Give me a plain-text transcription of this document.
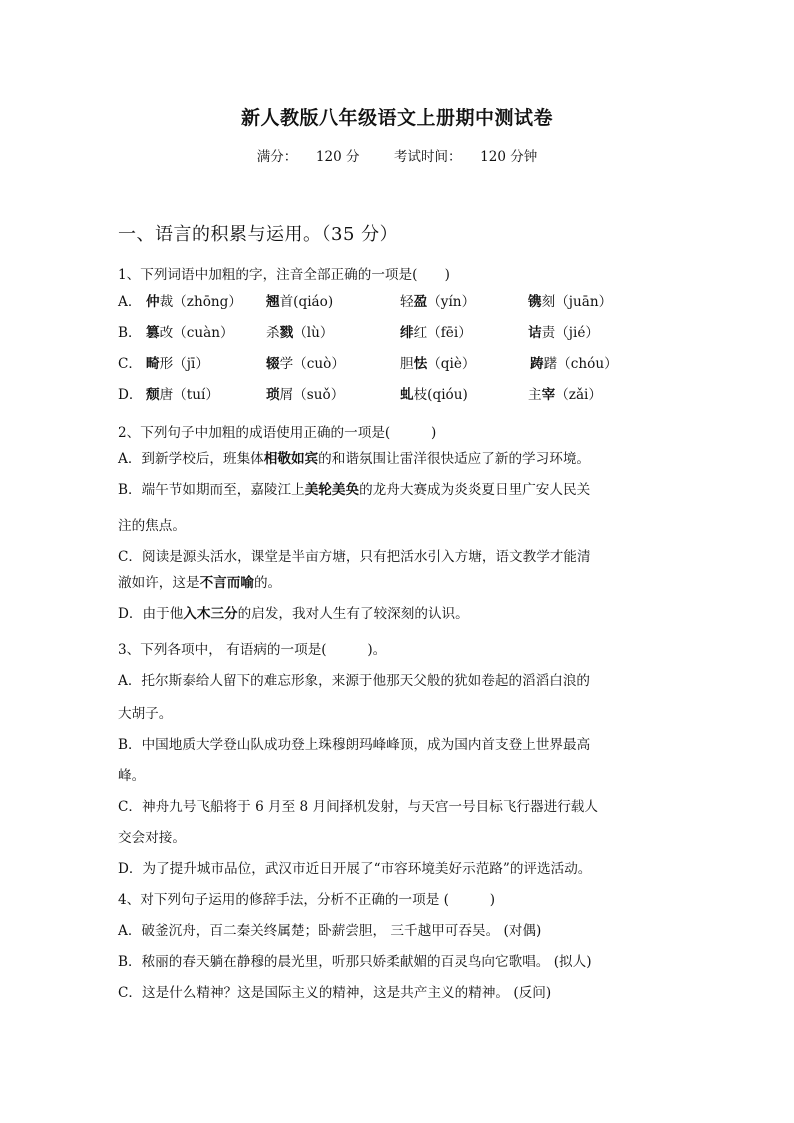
新人教版八年级语文上册期中测试卷
满分： 120 分	考试时间： 120 分钟
一、语言的积累与运用。（35 分）
1、下列词语中加粗的字，注音全部正确的一项是(　　)
A． 仲裁（zhōng） 翘首(qiáo)	轻盈（yín）	镌刻（juān）
B． 篡改（cuàn） 杀戮（lù）	绯红（fēi）	诘责（jié）
C． 畸形（jī）	辍学（cuò）	胆怯（qiè）	踌躇（chóu）
D． 颓唐（tuí）	琐屑（suǒ）	虬枝(qióu)	主宰（zǎi）
2、下列句子中加粗的成语使用正确的一项是(　　　)
A．到新学校后，班集体相敬如宾的和谐氛围让雷洋很快适应了新的学习环境。
B．端午节如期而至，嘉陵江上美轮美奂的龙舟大赛成为炎炎夏日里广安人民关
注的焦点。
C．阅读是源头活水，课堂是半亩方塘，只有把活水引入方塘，语文教学才能清
澈如许，这是不言而喻的。
D．由于他入木三分的启发，我对人生有了较深刻的认识。
3、下列各项中， 有语病的一项是(　　　)。
A．托尔斯泰给人留下的难忘形象，来源于他那天父般的犹如卷起的滔滔白浪的
大胡子。
B．中国地质大学登山队成功登上珠穆朗玛峰峰顶，成为国内首支登上世界最高
峰。
C．神舟九号飞船将于 6 月至 8 月间择机发射，与天宫一号目标飞行器进行载人
交会对接。
D．为了提升城市品位，武汉市近日开展了“市容环境美好示范路”的评选活动。
4、对下列句子运用的修辞手法，分析不正确的一项是 (　　　)
A．破釜沉舟，百二秦关终属楚；卧薪尝胆， 三千越甲可吞吴。 (对偶)
B．秾丽的春天躺在静穆的晨光里，听那只娇柔献媚的百灵鸟向它歌唱。 (拟人)
C．这是什么精神？这是国际主义的精神，这是共产主义的精神。 (反问)
